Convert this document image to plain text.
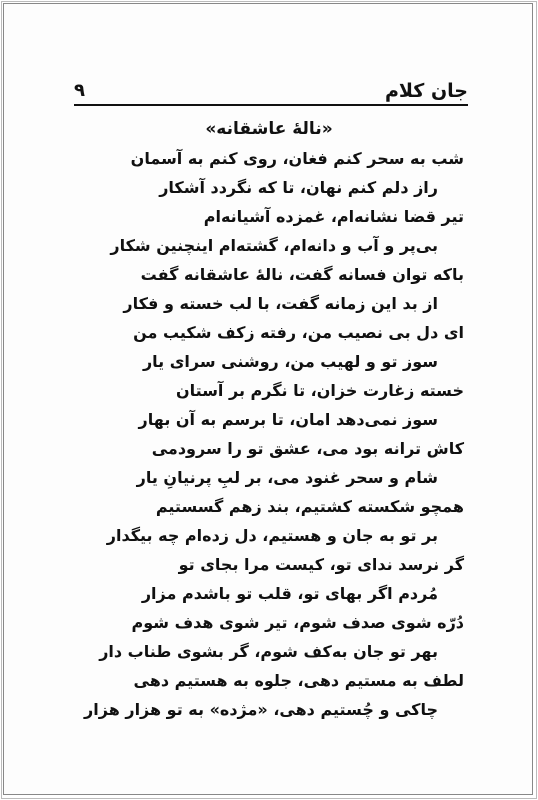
جان کلام
۹
«نالهٔ عاشقانه»
شب به سحر کنم فغان، روی کنم به آسمان
راز دلم کنم نهان، تا که نگردد آشکار
تیر قضا نشانه‌ام، غمزده آشیانه‌ام
بی‌پر و آب و دانه‌ام، گشته‌ام اینچنین شکار
باکه توان فسانه گفت، نالهٔ عاشقانه گفت
از بد این زمانه گفت، با لب خسته و فکار
ای دل بی نصیب من، رفته زکف شکیب من
سوز تو و لهیب من، روشنی سرای یار
خسته زغارت خزان، تا نگرم بر آستان
سوز نمی‌دهد امان، تا برسم به آن بهار
کاش ترانه بود می، عشق تو را سرودمی
شام و سحر غنود می، بر لبِ پرنیانِ یار
همچو شکسته کشتیم، بند زهم گسستیم
بر تو به جان و هستیم، دل زده‌ام چه بیگدار
گر نرسد ندای تو، کیست مرا بجای تو
مُردم اگر بهای تو، قلب تو باشدم مزار
دُرّه شوی صدف شوم، تیر شوی هدف شوم
بهر تو جان به‌کف شوم، گر بشوی طناب دار
لطف به مستیم دهی، جلوه به هستیم دهی
چاکی و چُستیم دهی، «مژده» به تو هزار هزار
